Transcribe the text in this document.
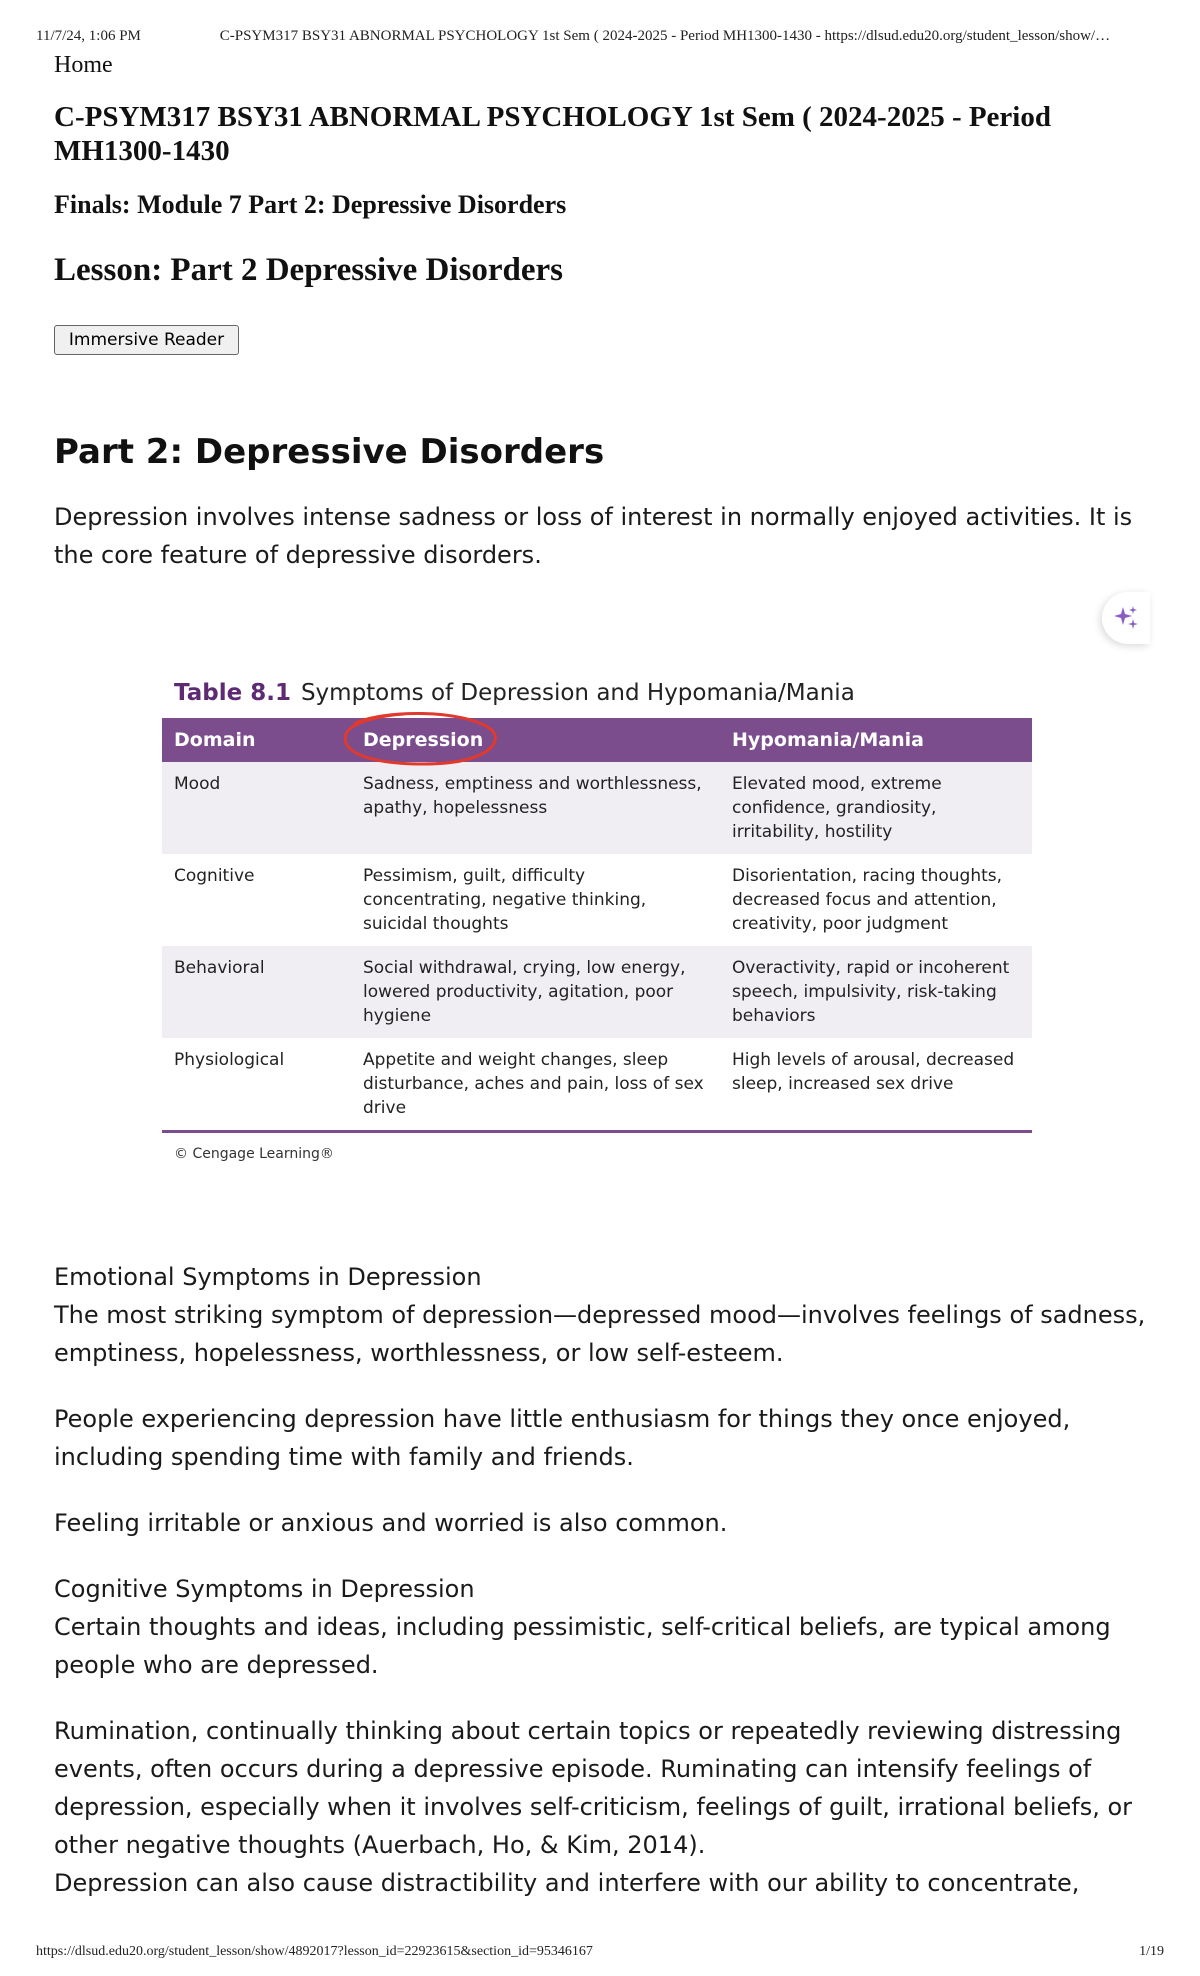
11/7/24, 1:06 PM	C-PSYM317 BSY31 ABNORMAL PSYCHOLOGY 1st Sem ( 2024-2025 - Period MH1300-1430 - https://dlsud.edu20.org/student_lesson/show/…
Home
C-PSYM317 BSY31 ABNORMAL PSYCHOLOGY 1st Sem ( 2024-2025 - Period MH1300-1430
Finals: Module 7 Part 2: Depressive Disorders
Lesson: Part 2 Depressive Disorders
Immersive Reader
Part 2: Depressive Disorders

Depression involves intense sadness or loss of interest in normally enjoyed activities. It is the core feature of depressive disorders.

Table 8.1 Symptoms of Depression and Hypomania/Mania
Domain	Depression	Hypomania/Mania
Mood	Sadness, emptiness and worthlessness, apathy, hopelessness	Elevated mood, extreme confidence, grandiosity, irritability, hostility
Cognitive	Pessimism, guilt, difficulty concentrating, negative thinking, suicidal thoughts	Disorientation, racing thoughts, decreased focus and attention, creativity, poor judgment
Behavioral	Social withdrawal, crying, low energy, lowered productivity, agitation, poor hygiene	Overactivity, rapid or incoherent speech, impulsivity, risk-taking behaviors
Physiological	Appetite and weight changes, sleep disturbance, aches and pain, loss of sex drive	High levels of arousal, decreased sleep, increased sex drive
© Cengage Learning®

Emotional Symptoms in Depression

The most striking symptom of depression—depressed mood—involves feelings of sadness, emptiness, hopelessness, worthlessness, or low self-esteem.

People experiencing depression have little enthusiasm for things they once enjoyed, including spending time with family and friends.

Feeling irritable or anxious and worried is also common.

Cognitive Symptoms in Depression

Certain thoughts and ideas, including pessimistic, self-critical beliefs, are typical among people who are depressed.

Rumination, continually thinking about certain topics or repeatedly reviewing distressing events, often occurs during a depressive episode. Ruminating can intensify feelings of depression, especially when it involves self-criticism, feelings of guilt, irrational beliefs, or other negative thoughts (Auerbach, Ho, & Kim, 2014).

Depression can also cause distractibility and interfere with our ability to concentrate,

https://dlsud.edu20.org/student_lesson/show/4892017?lesson_id=22923615&section_id=95346167	1/19
